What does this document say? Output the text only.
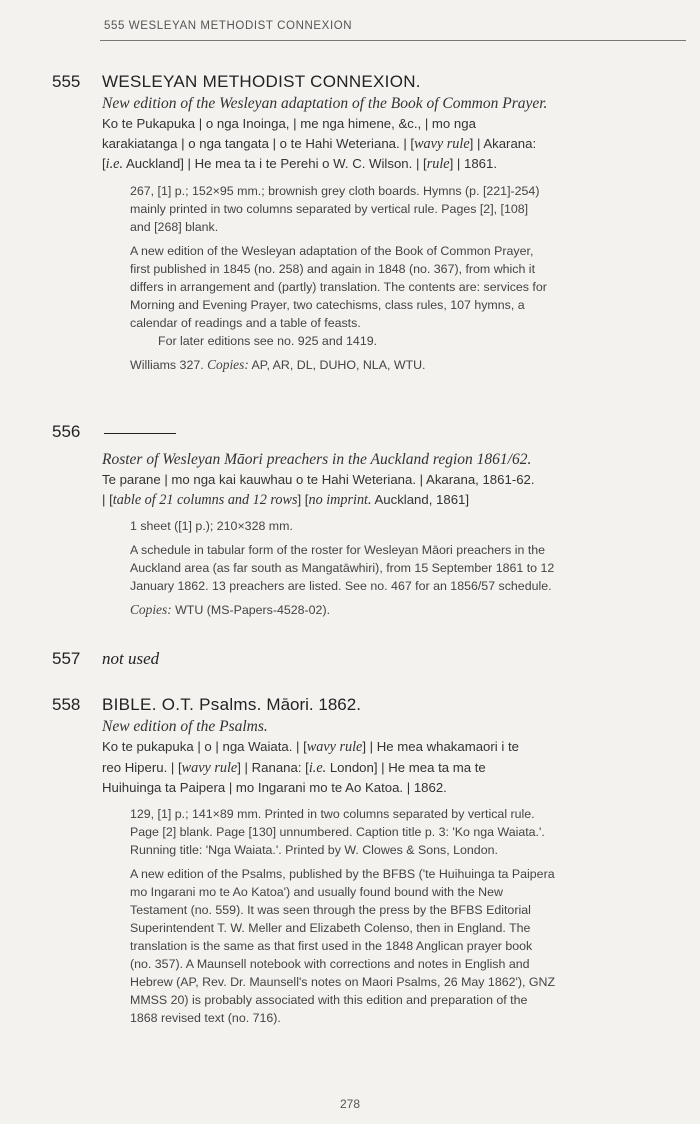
555 WESLEYAN METHODIST CONNEXION
555 WESLEYAN METHODIST CONNEXION.
New edition of the Wesleyan adaptation of the Book of Common Prayer.
Ko te Pukapuka | o nga Inoinga, | me nga himene, &c., | mo nga
karakiatanga | o nga tangata | o te Hahi Weteriana. | [wavy rule] | Akarana:
[i.e. Auckland] | He mea ta i te Perehi o W. C. Wilson. | [rule] | 1861.

267, [1] p.; 152×95 mm.; brownish grey cloth boards. Hymns (p. [221]-254)
mainly printed in two columns separated by vertical rule. Pages [2], [108]
and [268] blank.

A new edition of the Wesleyan adaptation of the Book of Common Prayer,
first published in 1845 (no. 258) and again in 1848 (no. 367), from which it
differs in arrangement and (partly) translation. The contents are: services for
Morning and Evening Prayer, two catechisms, class rules, 107 hymns, a
calendar of readings and a table of feasts.
For later editions see no. 925 and 1419.

Williams 327. Copies: AP, AR, DL, DUHO, NLA, WTU.

556
Roster of Wesleyan Māori preachers in the Auckland region 1861/62.
Te parane | mo nga kai kauwhau o te Hahi Weteriana. | Akarana, 1861-62.
| [table of 21 columns and 12 rows] [no imprint. Auckland, 1861]

1 sheet ([1] p.); 210×328 mm.

A schedule in tabular form of the roster for Wesleyan Māori preachers in the
Auckland area (as far south as Mangatāwhiri), from 15 September 1861 to 12
January 1862. 13 preachers are listed. See no. 467 for an 1856/57 schedule.

Copies: WTU (MS-Papers-4528-02).

557 not used
558 BIBLE. O.T. Psalms. Māori. 1862.
New edition of the Psalms.
Ko te pukapuka | o | nga Waiata. | [wavy rule] | He mea whakamaori i te
reo Hiperu. | [wavy rule] | Ranana: [i.e. London] | He mea ta ma te
Huihuinga ta Paipera | mo Ingarani mo te Ao Katoa. | 1862.

129, [1] p.; 141×89 mm. Printed in two columns separated by vertical rule.
Page [2] blank. Page [130] unnumbered. Caption title p. 3: 'Ko nga Waiata.'.
Running title: 'Nga Waiata.'. Printed by W. Clowes & Sons, London.

A new edition of the Psalms, published by the BFBS ('te Huihuinga ta Paipera
mo Ingarani mo te Ao Katoa') and usually found bound with the New
Testament (no. 559). It was seen through the press by the BFBS Editorial
Superintendent T. W. Meller and Elizabeth Colenso, then in England. The
translation is the same as that first used in the 1848 Anglican prayer book
(no. 357). A Maunsell notebook with corrections and notes in English and
Hebrew (AP, Rev. Dr. Maunsell's notes on Maori Psalms, 26 May 1862'), GNZ
MMSS 20) is probably associated with this edition and preparation of the
1868 revised text (no. 716).

278
